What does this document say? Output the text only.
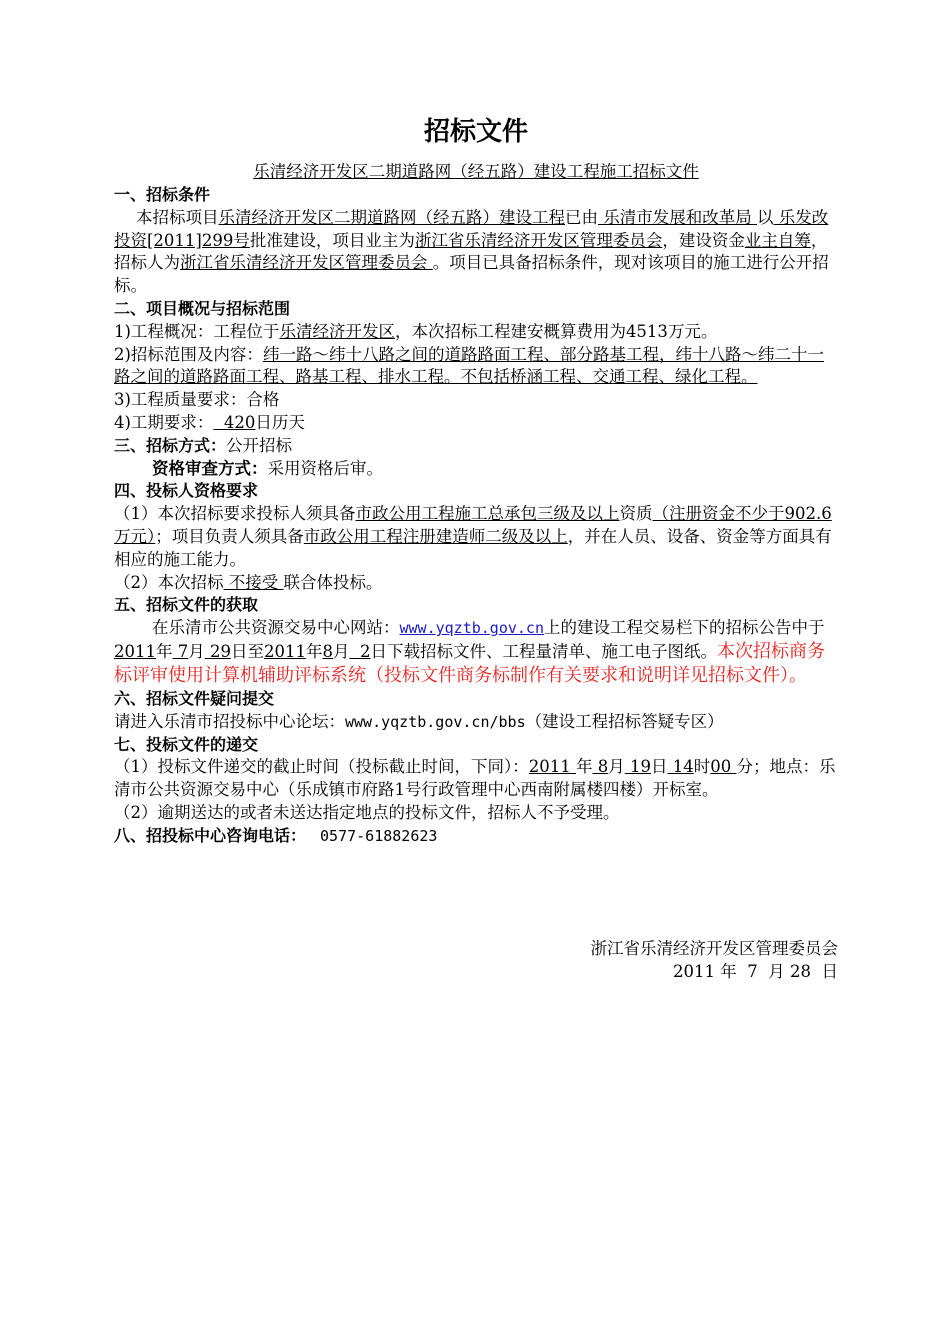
招标文件
乐清经济开发区二期道路网（经五路）建设工程施工招标文件
一、招标条件

本招标项目乐清经济开发区二期道路网（经五路）建设工程已由 乐清市发展和改革局 以 乐发改投资[2011]299号批准建设，项目业主为浙江省乐清经济开发区管理委员会，建设资金业主自筹，招标人为浙江省乐清经济开发区管理委员会 。项目已具备招标条件，现对该项目的施工进行公开招标。

二、项目概况与招标范围

1)工程概况：工程位于乐清经济开发区，本次招标工程建安概算费用为4513万元。

2)招标范围及内容：纬一路～纬十八路之间的道路路面工程、部分路基工程，纬十八路～纬二十一路之间的道路路面工程、路基工程、排水工程。不包括桥涵工程、交通工程、绿化工程。

3)工程质量要求：合格

4)工期要求：  420日历天

三、招标方式：公开招标

资格审查方式：采用资格后审。

四、投标人资格要求

（1）本次招标要求投标人须具备市政公用工程施工总承包三级及以上资质（注册资金不少于902.6万元）；项目负责人须具备市政公用工程注册建造师二级及以上，并在人员、设备、资金等方面具有相应的施工能力。

（2）本次招标 不接受 联合体投标。

五、招标文件的获取

在乐清市公共资源交易中心网站：www.yqztb.gov.cn上的建设工程交易栏下的招标公告中于2011年 7月 29日至2011年8月  2日下载招标文件、工程量清单、施工电子图纸。本次招标商务标评审使用计算机辅助评标系统（投标文件商务标制作有关要求和说明详见招标文件）。

六、招标文件疑问提交

请进入乐清市招投标中心论坛：www.yqztb.gov.cn/bbs（建设工程招标答疑专区）

七、投标文件的递交

（1）投标文件递交的截止时间（投标截止时间，下同）：2011 年 8月 19日 14时00 分；地点：乐清市公共资源交易中心（乐成镇市府路1号行政管理中心西南附属楼四楼）开标室。

（2）逾期送达的或者未送达指定地点的投标文件，招标人不予受理。

八、招投标中心咨询电话： 0577-61882623

浙江省乐清经济开发区管理委员会
2011 年  7  月 28  日
